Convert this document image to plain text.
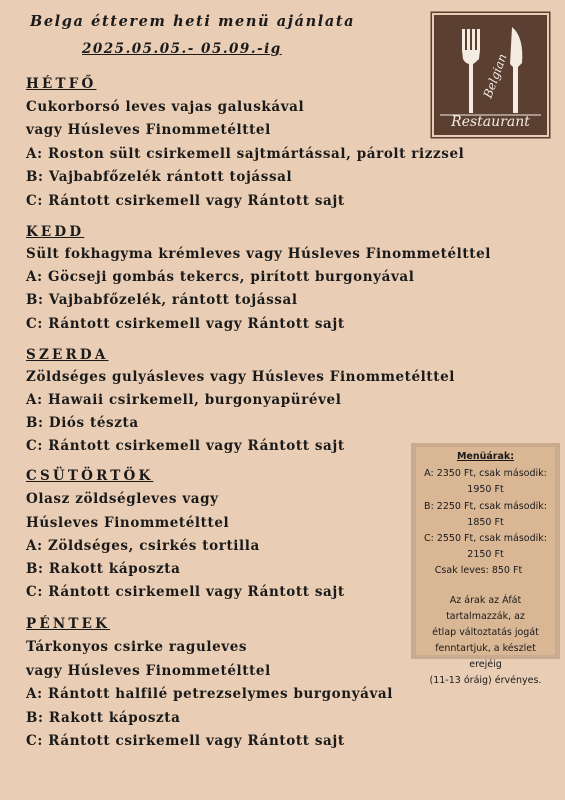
Belga étterem heti menü ajánlata
2025.05.05.- 05.09.-ig
Belgian
Restaurant
HÉTFŐ
Cukorborsó leves vajas galuskával
vagy Húsleves Finommetélttel
A: Roston sült csirkemell sajtmártással, párolt rizzsel
B: Vajbabfőzelék rántott tojással
C: Rántott csirkemell vagy Rántott sajt
KEDD
Sült fokhagyma krémleves vagy Húsleves Finommetélttel
A: Göcseji gombás tekercs, pirított burgonyával
B: Vajbabfőzelék, rántott tojással
C: Rántott csirkemell vagy Rántott sajt
SZERDA
Zöldséges gulyásleves vagy Húsleves Finommetélttel
A: Hawaii csirkemell, burgonyapürével
B: Diós tészta
C: Rántott csirkemell vagy Rántott sajt
CSÜTÖRTÖK
Olasz zöldségleves vagy
Húsleves Finommetélttel
A: Zöldséges, csirkés tortilla
B: Rakott káposzta
C: Rántott csirkemell vagy Rántott sajt
PÉNTEK
Tárkonyos csirke raguleves
vagy Húsleves Finommetélttel
A: Rántott halfilé petrezselymes burgonyával
B: Rakott káposzta
C: Rántott csirkemell vagy Rántott sajt
Menüárak:
A: 2350 Ft, csak második:
1950 Ft
B: 2250 Ft, csak második:
1850 Ft
C: 2550 Ft, csak második:
2150 Ft
Csak leves: 850 Ft
Az árak az Áfát tartalmazzák, az
étlap változtatás jogát
fenntartjuk, a készlet erejéig
(11-13 óráig) érvényes.
